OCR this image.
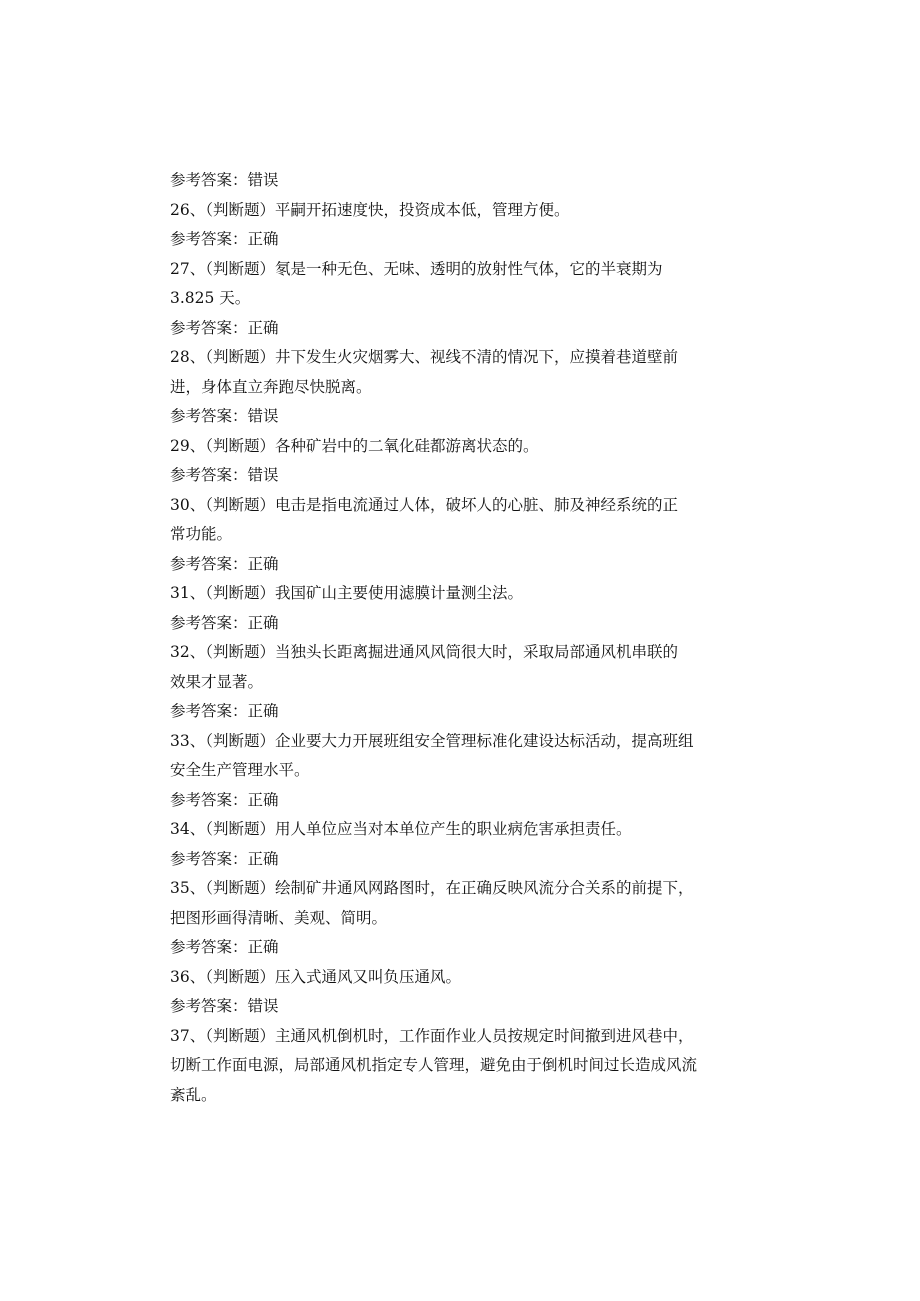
参考答案：错误
26、（判断题）平嗣开拓速度快，投资成本低，管理方便。
参考答案：正确
27、（判断题）氡是一种无色、无味、透明的放射性气体，它的半衰期为
3.825 天。
参考答案：正确
28、（判断题）井下发生火灾烟雾大、视线不清的情况下，应摸着巷道壁前
进，身体直立奔跑尽快脱离。
参考答案：错误
29、（判断题）各种矿岩中的二氧化硅都游离状态的。
参考答案：错误
30、（判断题）电击是指电流通过人体，破坏人的心脏、肺及神经系统的正
常功能。
参考答案：正确
31、（判断题）我国矿山主要使用滤膜计量测尘法。
参考答案：正确
32、（判断题）当独头长距离掘进通风风筒很大时，采取局部通风机串联的
效果才显著。
参考答案：正确
33、（判断题）企业要大力开展班组安全管理标准化建设达标活动，提高班组
安全生产管理水平。
参考答案：正确
34、（判断题）用人单位应当对本单位产生的职业病危害承担责任。
参考答案：正确
35、（判断题）绘制矿井通风网路图时，在正确反映风流分合关系的前提下，
把图形画得清晰、美观、简明。
参考答案：正确
36、（判断题）压入式通风又叫负压通风。
参考答案：错误
37、（判断题）主通风机倒机时，工作面作业人员按规定时间撤到进风巷中，
切断工作面电源，局部通风机指定专人管理，避免由于倒机时间过长造成风流
紊乱。
